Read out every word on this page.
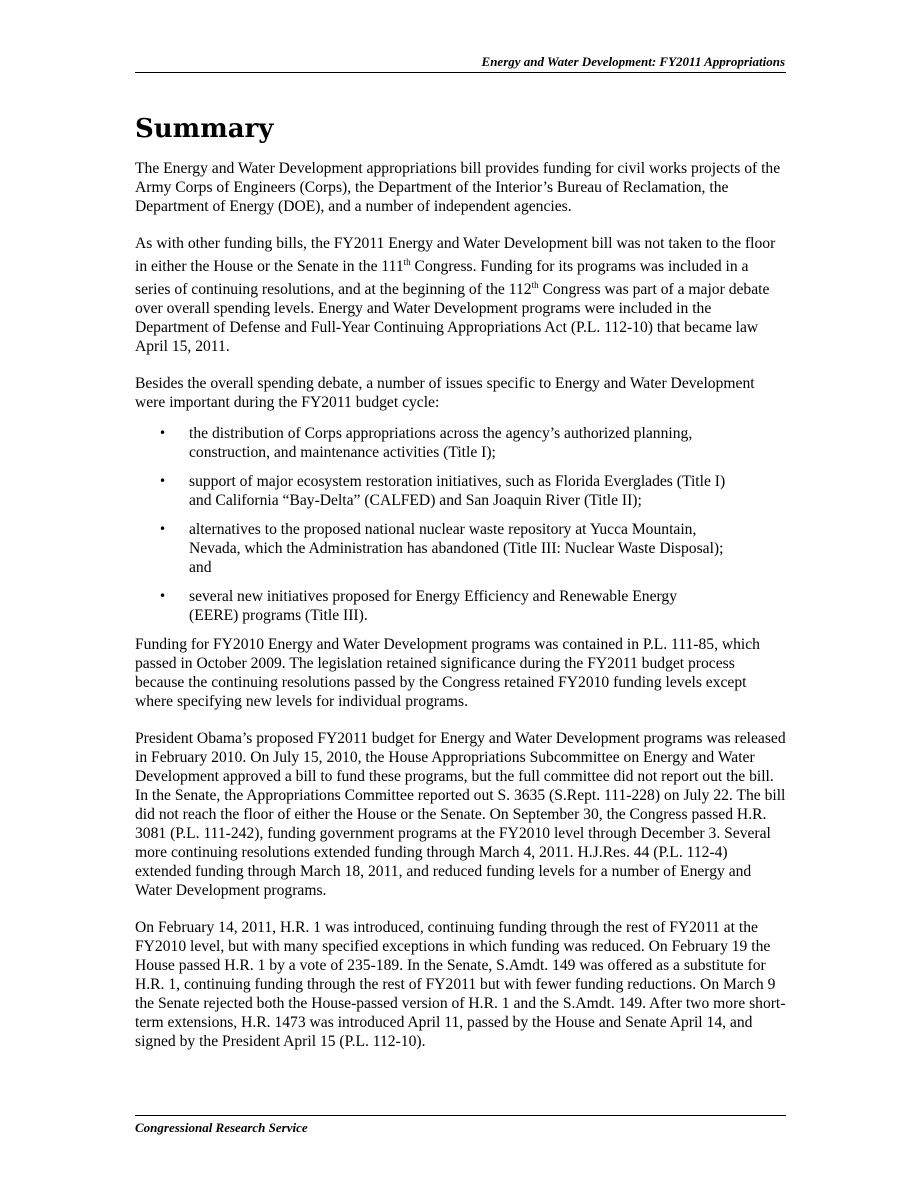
Energy and Water Development: FY2011 Appropriations
Summary

The Energy and Water Development appropriations bill provides funding for civil works projects of the Army Corps of Engineers (Corps), the Department of the Interior’s Bureau of Reclamation, the Department of Energy (DOE), and a number of independent agencies.

As with other funding bills, the FY2011 Energy and Water Development bill was not taken to the floor in either the House or the Senate in the 111th Congress. Funding for its programs was included in a series of continuing resolutions, and at the beginning of the 112th Congress was part of a major debate over overall spending levels. Energy and Water Development programs were included in the Department of Defense and Full-Year Continuing Appropriations Act (P.L. 112-10) that became law April 15, 2011.

Besides the overall spending debate, a number of issues specific to Energy and Water Development were important during the FY2011 budget cycle:

• the distribution of Corps appropriations across the agency’s authorized planning, construction, and maintenance activities (Title I);
• support of major ecosystem restoration initiatives, such as Florida Everglades (Title I) and California “Bay-Delta” (CALFED) and San Joaquin River (Title II);
• alternatives to the proposed national nuclear waste repository at Yucca Mountain, Nevada, which the Administration has abandoned (Title III: Nuclear Waste Disposal); and
• several new initiatives proposed for Energy Efficiency and Renewable Energy (EERE) programs (Title III).

Funding for FY2010 Energy and Water Development programs was contained in P.L. 111-85, which passed in October 2009. The legislation retained significance during the FY2011 budget process because the continuing resolutions passed by the Congress retained FY2010 funding levels except where specifying new levels for individual programs.

President Obama’s proposed FY2011 budget for Energy and Water Development programs was released in February 2010. On July 15, 2010, the House Appropriations Subcommittee on Energy and Water Development approved a bill to fund these programs, but the full committee did not report out the bill. In the Senate, the Appropriations Committee reported out S. 3635 (S.Rept. 111-228) on July 22. The bill did not reach the floor of either the House or the Senate. On September 30, the Congress passed H.R. 3081 (P.L. 111-242), funding government programs at the FY2010 level through December 3. Several more continuing resolutions extended funding through March 4, 2011. H.J.Res. 44 (P.L. 112-4) extended funding through March 18, 2011, and reduced funding levels for a number of Energy and Water Development programs.

On February 14, 2011, H.R. 1 was introduced, continuing funding through the rest of FY2011 at the FY2010 level, but with many specified exceptions in which funding was reduced. On February 19 the House passed H.R. 1 by a vote of 235-189. In the Senate, S.Amdt. 149 was offered as a substitute for H.R. 1, continuing funding through the rest of FY2011 but with fewer funding reductions. On March 9 the Senate rejected both the House-passed version of H.R. 1 and the S.Amdt. 149. After two more short-term extensions, H.R. 1473 was introduced April 11, passed by the House and Senate April 14, and signed by the President April 15 (P.L. 112-10).

Congressional Research Service
